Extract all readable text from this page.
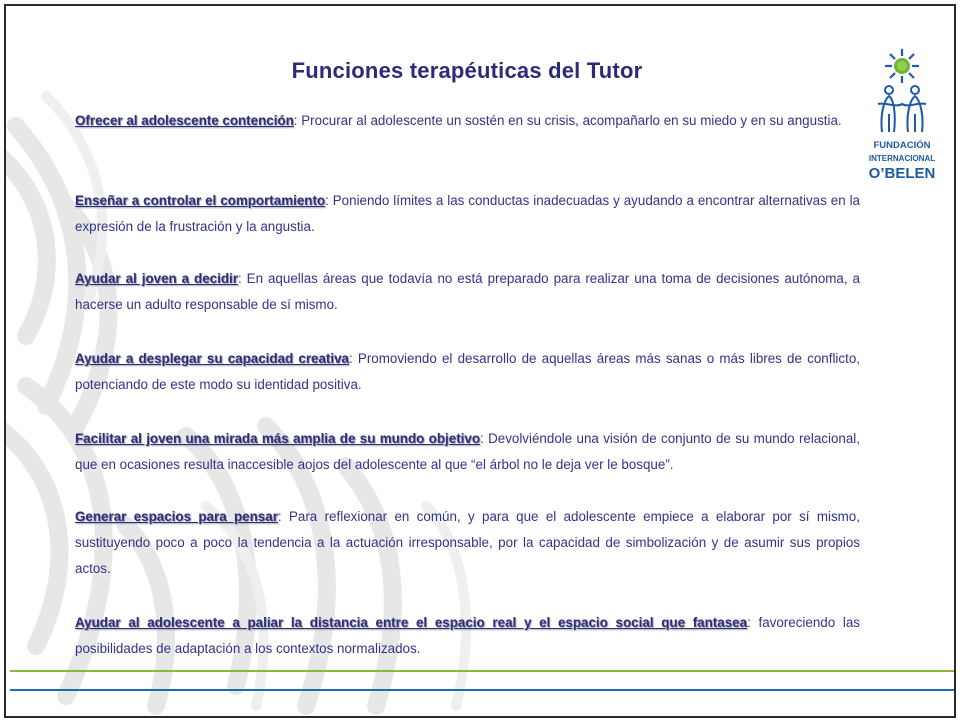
Funciones terapéuticas del Tutor
FUNDACIÓN
INTERNACIONAL
O’BELEN
Ofrecer al adolescente contención: Procurar al adolescente un sostén en su crisis, acompañarlo en su miedo y en su angustia.
Enseñar a controlar el comportamiento: Poniendo límites a las conductas inadecuadas y ayudando a encontrar alternativas en la expresión de la frustración y la angustia.
Ayudar al joven a decidir: En aquellas áreas que todavía no está preparado para realizar una toma de decisiones autónoma, a hacerse un adulto responsable de sí mismo.
Ayudar a desplegar su capacidad creativa: Promoviendo el desarrollo de aquellas áreas más sanas o más libres de conflicto, potenciando de este modo su identidad positiva.
Facilitar al joven una mirada más amplia de su mundo objetivo: Devolviéndole una visión de conjunto de su mundo relacional, que en ocasiones resulta inaccesible aojos del adolescente al que “el árbol no le deja ver le bosque”.
Generar espacios para pensar: Para reflexionar en común, y para que el adolescente empiece a elaborar por sí mismo, sustituyendo poco a poco la tendencia a la actuación irresponsable, por la capacidad de simbolización y de asumir sus propios actos.
Ayudar al adolescente a paliar la distancia entre el espacio real y el espacio social que fantasea: favoreciendo las posibilidades de adaptación a los contextos normalizados.
